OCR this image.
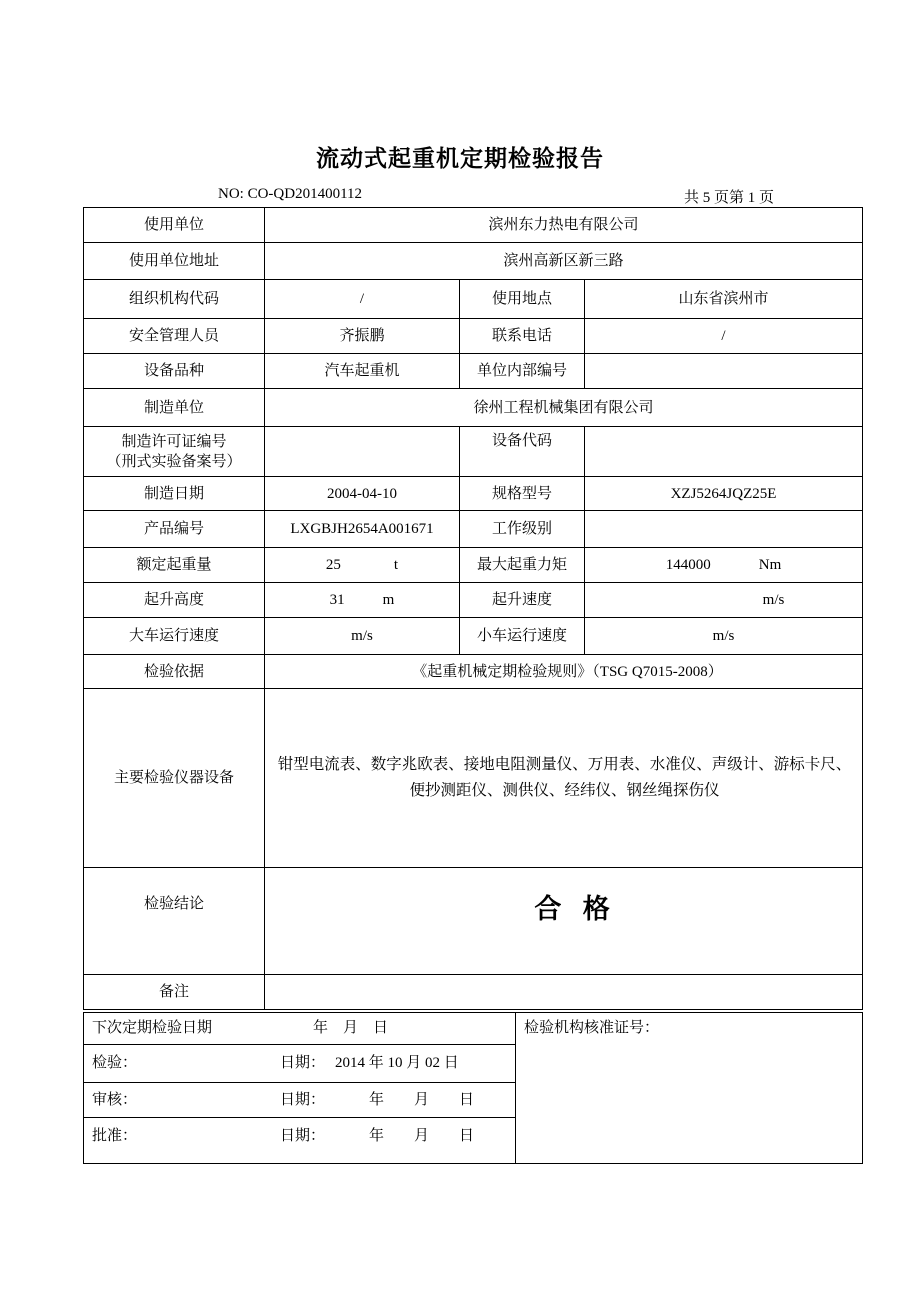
流动式起重机定期检验报告
NO: CO-QD201400112	共 5 页第 1 页
使用单位	滨州东力热电有限公司		
使用单位地址	滨州高新区新三路		
组织机构代码	/	使用地点	山东省滨州市
安全管理人员	齐振鹏	联系电话	/
设备品种	汽车起重机	单位内部编号	
制造单位	徐州工程机械集团有限公司		

制造许可证编号
（刑式实验备案号）		设备代码	
制造日期	2004-04-10	规格型号	XZJ5264JQZ25E
产品编号	LXGBJH2654A001671	工作级别	
额定起重量	25 t	最大起重力矩	144000 Nm
起升高度	31 m	起升速度	m/s
大车运行速度	m/s	小车运行速度	m/s
检验依据	《起重机械定期检验规则》（TSG Q7015-2008）		
主要检验仪器设备	钳型电流表、数字兆欧表、接地电阻测量仪、万用表、水准仪、声级计、游标卡尺、便抄测距仪、测供仪、经纬仪、钢丝绳探伤仪		
检验结论	合 格		
备注			
下次定期检验日期	年　月　日
检验：	日期： 2014 年 10 月 02 日
审核：	日期：	年　　月　　日
批准：	日期：	年　　月　　日
	检验机构核准证号：
